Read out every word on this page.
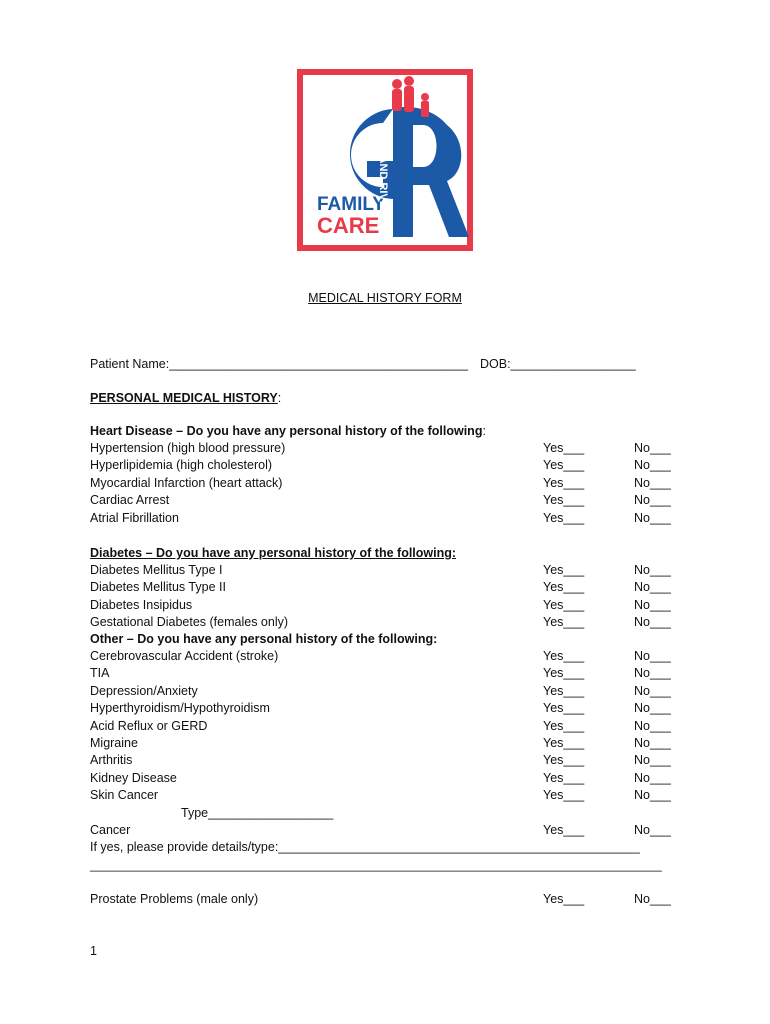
FAMILY
CARE
GRAND RIVER
MEDICAL HISTORY FORM
Patient Name:___________________________________________ DOB:__________________
PERSONAL MEDICAL HISTORY:
Heart Disease – Do you have any personal history of the following:
Hypertension (high blood pressure)	Yes___	No___
Hyperlipidemia (high cholesterol)	Yes___	No___
Myocardial Infarction (heart attack)	Yes___	No___
Cardiac Arrest	Yes___	No___
Atrial Fibrillation	Yes___	No___
Diabetes – Do you have any personal history of the following:
Diabetes Mellitus Type I	Yes___	No___
Diabetes Mellitus Type II	Yes___	No___
Diabetes Insipidus	Yes___	No___
Gestational Diabetes (females only)	Yes___	No___
Other – Do you have any personal history of the following:
Cerebrovascular Accident (stroke)	Yes___	No___
TIA	Yes___	No___
Depression/Anxiety	Yes___	No___
Hyperthyroidism/Hypothyroidism	Yes___	No___
Acid Reflux or GERD	Yes___	No___
Migraine	Yes___	No___
Arthritis	Yes___	No___
Kidney Disease	Yes___	No___
Skin Cancer	Yes___	No___
Type__________________
Cancer	Yes___	No___
If yes, please provide details/type:____________________________________________________
_____________________________________________________________________________________
Prostate Problems (male only)	Yes___	No___
1
